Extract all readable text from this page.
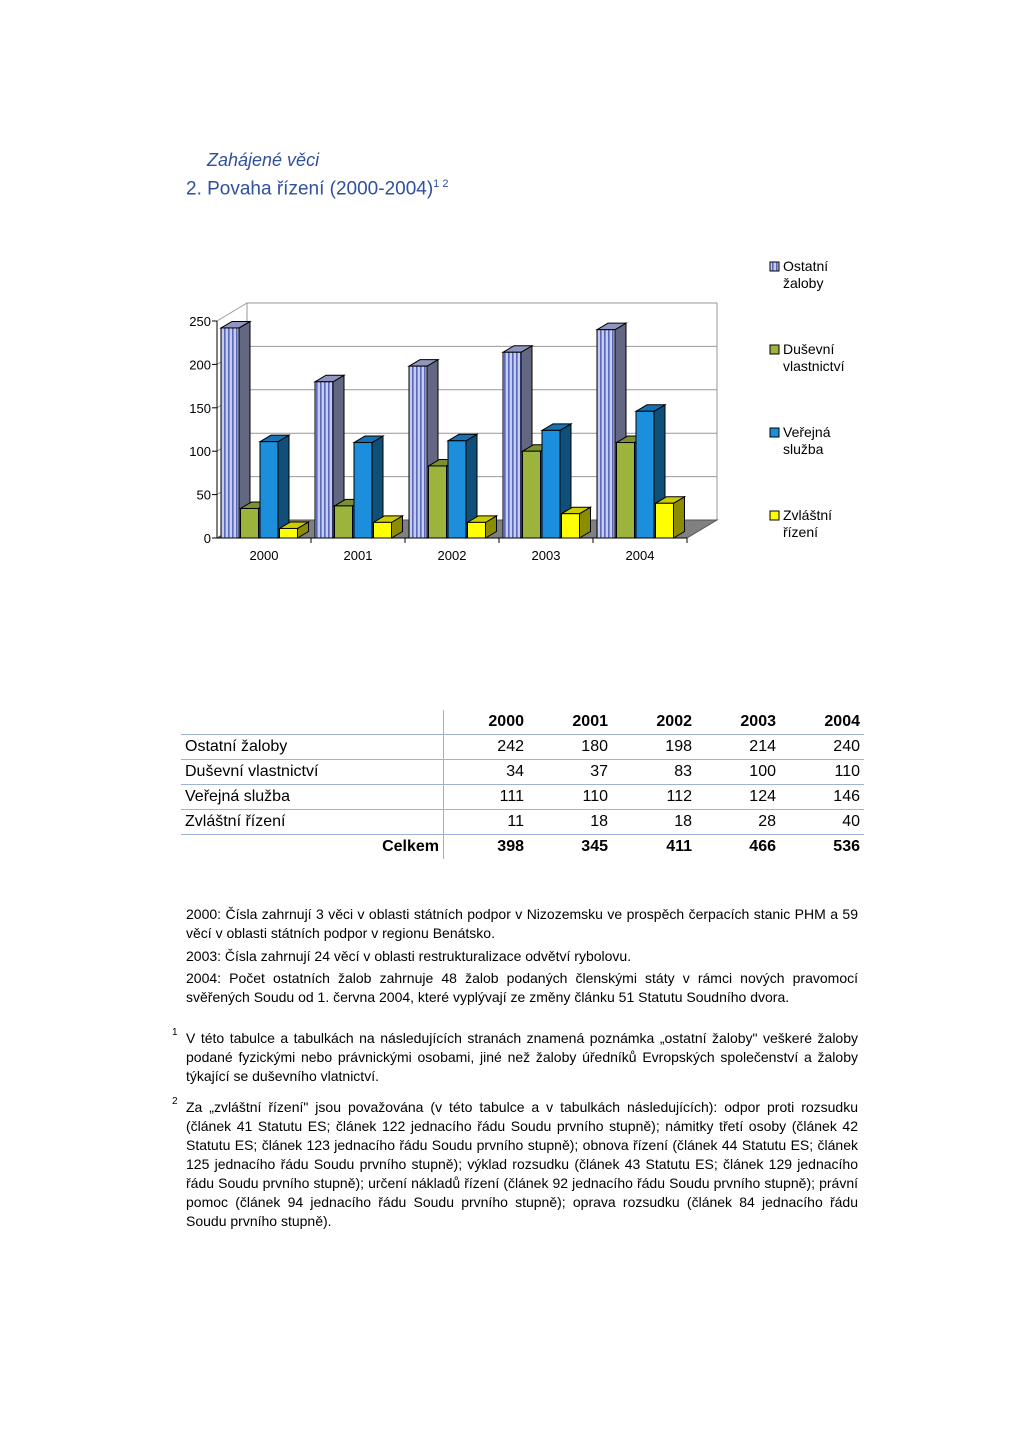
Zahájené věci
2. Povaha řízení (2000-2004)$^{1 2}$
0
50
100
150
200
250
2000	2001	2002	2003	2004
Ostatní
žaloby
Duševní
vlastnictví
Veřejná
služba
Zvláštní
řízení
	2000	2001	2002	2003	2004
Ostatní žaloby	242	180	198	214	240
Duševní vlastnictví	34	37	83	100	110
Veřejná služba	111	110	112	124	146
Zvláštní řízení	11	18	18	28	40
Celkem	398	345	411	466	536
2000: Čísla zahrnují 3 věci v oblasti státních podpor v Nizozemsku ve prospěch čerpacích stanic PHM a 59 věcí v oblasti státních podpor v regionu Benátsko.
2003: Čísla zahrnují 24 věcí v oblasti restrukturalizace odvětví rybolovu.
2004: Počet ostatních žalob zahrnuje 48 žalob podaných členskými státy v rámci nových pravomocí svěřených Soudu od 1. června 2004, které vyplývají ze změny článku 51 Statutu Soudního dvora.
1 V této tabulce a tabulkách na následujících stranách znamená poznámka „ostatní žaloby" veškeré žaloby podané fyzickými nebo právnickými osobami, jiné než žaloby úředníků Evropských společenství a žaloby týkající se duševního vlatnictví.
2 Za „zvláštní řízení" jsou považována (v této tabulce a v tabulkách následujících): odpor proti rozsudku (článek 41 Statutu ES; článek 122 jednacího řádu Soudu prvního stupně); námitky třetí osoby (článek 42 Statutu ES; článek 123 jednacího řádu Soudu prvního stupně); obnova řízení (článek 44 Statutu ES; článek 125 jednacího řádu Soudu prvního stupně); výklad rozsudku (článek 43 Statutu ES; článek 129 jednacího řádu Soudu prvního stupně); určení nákladů řízení (článek 92 jednacího řádu Soudu prvního stupně); právní pomoc (článek 94 jednacího řádu Soudu prvního stupně); oprava rozsudku (článek 84 jednacího řádu Soudu prvního stupně).
